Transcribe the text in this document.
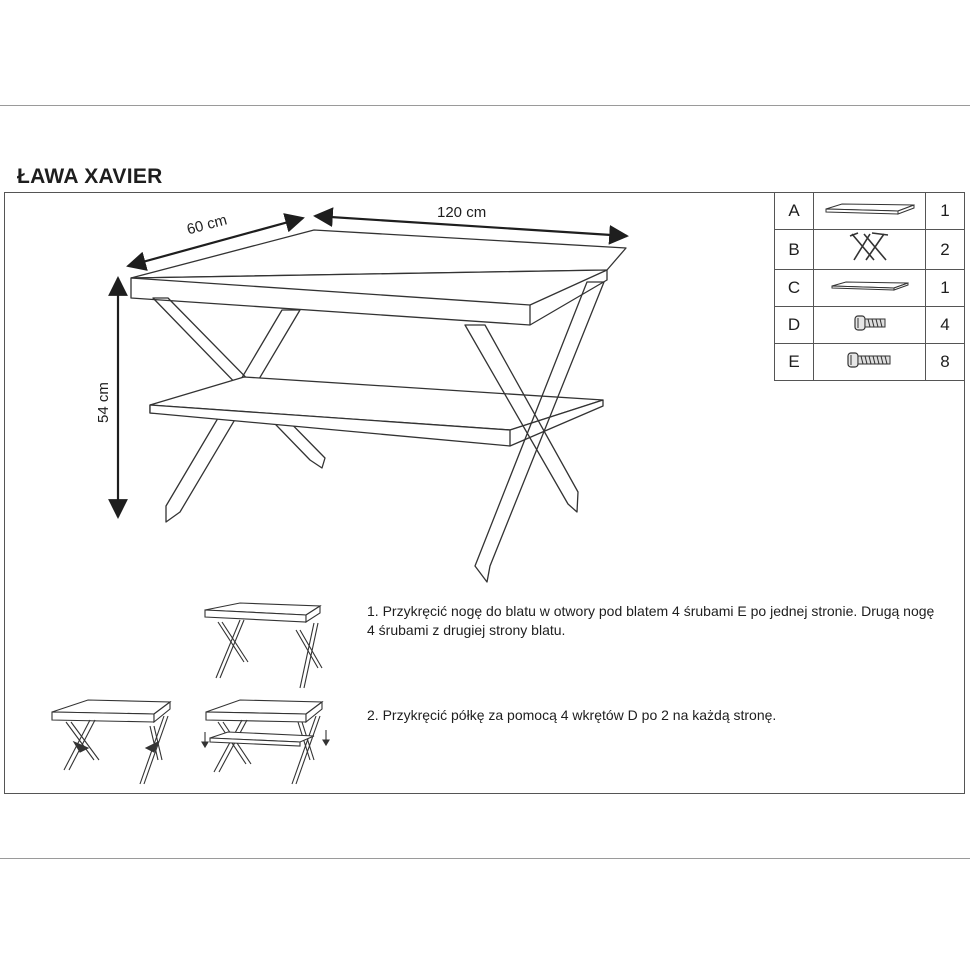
ŁAWA XAVIER
60 cm	120 cm
54 cm
A		1
B		2
C		1
D		4
E		8
1. Przykręcić nogę do blatu w otwory pod blatem 4 śrubami E po jednej stronie. Drugą nogę 4 śrubami z drugiej strony blatu.
2. Przykręcić półkę za pomocą 4 wkrętów D po 2 na każdą stronę.
